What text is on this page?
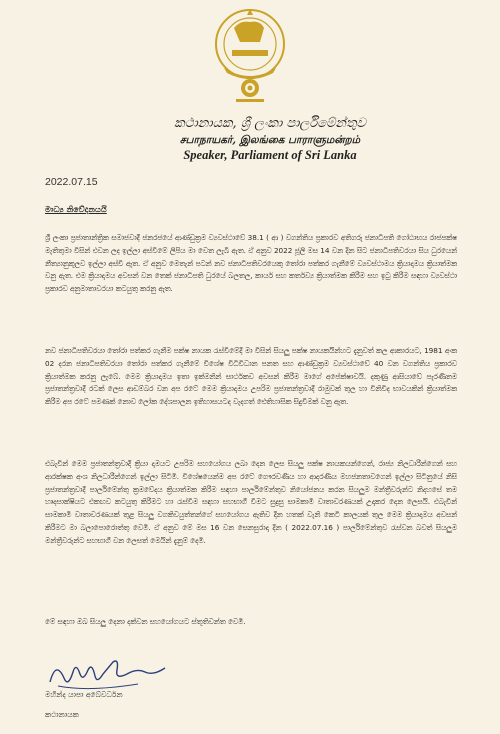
කථානායක, ශ්‍රී ලංකා පාර්ලිමේන්තුව
சபாநாயகர், இலங்கை பாராளுமன்றம்
Speaker, Parliament of Sri Lanka
2022.07.15
මාධ්‍ය නිවේදනයයි

ශ්‍රී ලංකා ප්‍රජාතාන්ත්‍රික සමාජවාදී ජනරජයේ ආණ්ඩුක්‍රම ව්‍යවස්ථාවේ 38.1 ( ආ ) වගන්තිය ප්‍රකාරව අතිගරු ජනාධිපති ගෝඨාභය රාජපක්ෂ මැතිතුමා විසින් එවන ලද ඉල්ලා අස්වීමේ ලිපිය මා වෙත ලැබී ඇත. ඒ අනුව 2022 ජූලි මස 14 වන දින සිට ජනාධිපතිවරයා සිය ධුරයෙන් නීත්‍යානුකූලව ඉල්ලා අස්වී ඇත. ඒ අනුව මෙතැන් පටන් නව ජනාධිපතිවරයෙකු තෝරා පත්කර ගැනීමේ ව්‍යවස්ථාමය ක්‍රියාදාමය ක්‍රියාත්මක වනු ඇත. එම ක්‍රියාදාමය අවසන් වන තෙක් ජනාධිපති ධුරයේ බලතල, කාර්ය සහ කර්තව්‍ය ක්‍රියාත්මක කිරීම සහ ඉටු කිරීම සඳහා ව්‍යවස්ථා ප්‍රකාරව අනුමාතාවරයා කටයුතු කරනු ඇත.

නව ජනාධිපතිවරයා තෝරා පත්කර ගැනීම පක්ෂ නායක රැස්වීමේදී මා විසින් සියලු පක්ෂ නායකයින්හට දැනුවත් කල ආකාරයට, 1981 අංක 02 දරන ජනාධිපතිවරයා තෝරා පත්කර ගැනීමේ විශේෂ විධිවිධාන පනත සහ ආණ්ඩුක්‍රම ව්‍යවස්ථාවේ 40 වන වගන්තිය ප්‍රකාරව ක්‍රියාත්මක කරනු ලැබේ. මෙම ක්‍රියාදාමය ඉතා ඉක්මනින් සාර්ථකව අවසන් කිරීම මාගේ අපේක්ෂාවයි. දකුණු ආසියාවේ පැරණිතම ප්‍රජාතන්ත්‍රවාදී රටක් ලෙස ආඩම්බර වන අප රටේ මෙම ක්‍රියාදාමය උපරිම ප්‍රජාතන්ත්‍රවාදී රාමුවක් තුල හා විනිවිද භාවයකින් ක්‍රියාත්මක කිරීම අප රටේ පමණක් නොව ලෝක දේශපාලන ඉතිහාසයටද වැදගත් ඓතිහාසික සිදුවීමක් වනු ඇත.

එබැවින් මෙම ප්‍රජාතන්ත්‍රවාදී ක්‍රියා දාමයට උපරිම සහයෝගය ලබා දෙන ලෙස සියලු පක්ෂ නායකයන්ගෙන්, රාජ්‍ය නිලධාරීන්ගෙන් සහ ආරක්ෂක අංශ නිලධාරීන්ගෙන් ඉල්ලා සිටිමි. විශේෂයෙන්ම අප රටේ ගෞරවණීය හා ආදරණීය මහජනතාවගෙන් ඉල්ලා සිටිනුයේ නිසි ප්‍රජාතන්ත්‍රවාදී පාර්ලිමේන්තු ක්‍රමවේදය ක්‍රියාත්මක කිරීම සඳහා පාර්ලිමේන්තුව නියෝජනය කරන සියලුම මන්ත්‍රීවරුන්ට නිදහසේ තම හෘදසාක්ෂියට එකඟව කටයුතු කිරීමට හා රැස්වීම සඳහා සහභාගී වීමට සුදුසු සාමකාමී වාතාවරණයක් උදාකර දෙන ලෙසයි. එබැවින් සාමකාමී වාතාවරණයක් තුළ සියලු වගකිවයුත්තන්ගේ සහයෝගය ඇතිව දින හතක් වැනි කෙටි කාලයක් තුල මෙම ක්‍රියාදාමය අවසන් කිරීමට මා බලාපොරොත්තු වෙමි. ඒ අනුව මේ මස 16 වන සෙනසුරාදා දින ( 2022.07.16 ) පාර්ලිමේන්තුව රැස්වන බවත් සියලුම මන්ත්‍රීවරුන්ට සහභාගී වන ලෙසත් මෙයින් දැනුම් දෙමි.

මේ සඳහා ඔබ සියලු දෙනා දක්වන සහයෝගයට ස්තූතිවන්ත වෙමි.
මහින්ද යාපා අබේවර්ධන
කථානායක
